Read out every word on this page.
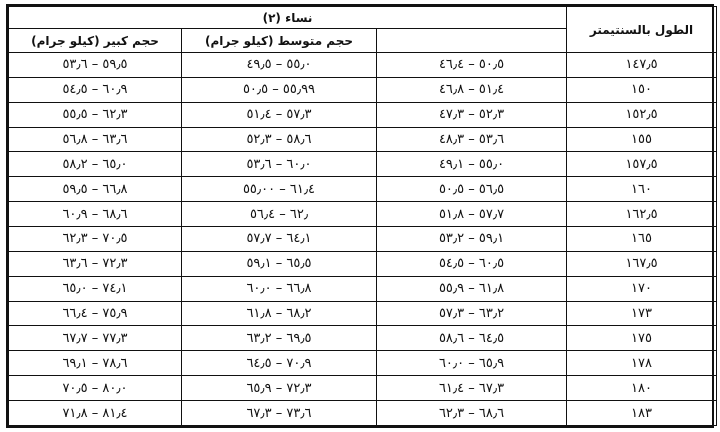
نساء (٢)			الطول بالسنتيمتر
حجم كبير (كيلو جرام)	حجم متوسط (كيلو جرام)		
٥٩٫٥ – ٥٣٫٦	٥٥٫٠ – ٤٩٫٥	٥٠٫٥ – ٤٦٫٤	١٤٧٫٥
٦٠٫٩ – ٥٤٫٥	٥٥٫٩٩ – ٥٠٫٥	٥١٫٤ – ٤٦٫٨	١٥٠
٦٢٫٣ – ٥٥٫٥	٥٧٫٣ – ٥١٫٤	٥٢٫٣ – ٤٧٫٣	١٥٢٫٥
٦٣٫٦ – ٥٦٫٨	٥٨٫٦ – ٥٢٫٣	٥٣٫٦ – ٤٨٫٣	١٥٥
٦٥٫٠ – ٥٨٫٢	٦٠٫٠ – ٥٣٫٦	٥٥٫٠ – ٤٩٫١	١٥٧٫٥
٦٦٫٨ – ٥٩٫٥	٦١٫٤ – ٥٥٫٠٠	٥٦٫٥ – ٥٠٫٥	١٦٠
٦٨٫٦ – ٦٠٫٩	٦٢٫ – ٥٦٫٤	٥٧٫٧ – ٥١٫٨	١٦٢٫٥
٧٠٫٥ – ٦٢٫٣	٦٤٫١ – ٥٧٫٧	٥٩٫١ – ٥٣٫٢	١٦٥
٧٢٫٣ – ٦٣٫٦	٦٥٫٥ – ٥٩٫١	٦٠٫٥ – ٥٤٫٥	١٦٧٫٥
٧٤٫١ – ٦٥٫٠	٦٦٫٨ – ٦٠٫٠	٦١٫٨ – ٥٥٫٩	١٧٠
٧٥٫٩ – ٦٦٫٤	٦٨٫٢ – ٦١٫٨	٦٣٫٢ – ٥٧٫٣	١٧٣
٧٧٫٣ – ٦٧٫٧	٦٩٫٥ – ٦٣٫٢	٦٤٫٥ – ٥٨٫٦	١٧٥
٧٨٫٦ – ٦٩٫١	٧٠٫٩ – ٦٤٫٥	٦٥٫٩ – ٦٠٫٠	١٧٨
٨٠٫٠ – ٧٠٫٥	٧٢٫٣ – ٦٥٫٩	٦٧٫٣ – ٦١٫٤	١٨٠
٨١٫٤ – ٧١٫٨	٧٣٫٦ – ٦٧٫٣	٦٨٫٦ – ٦٢٫٣	١٨٣
